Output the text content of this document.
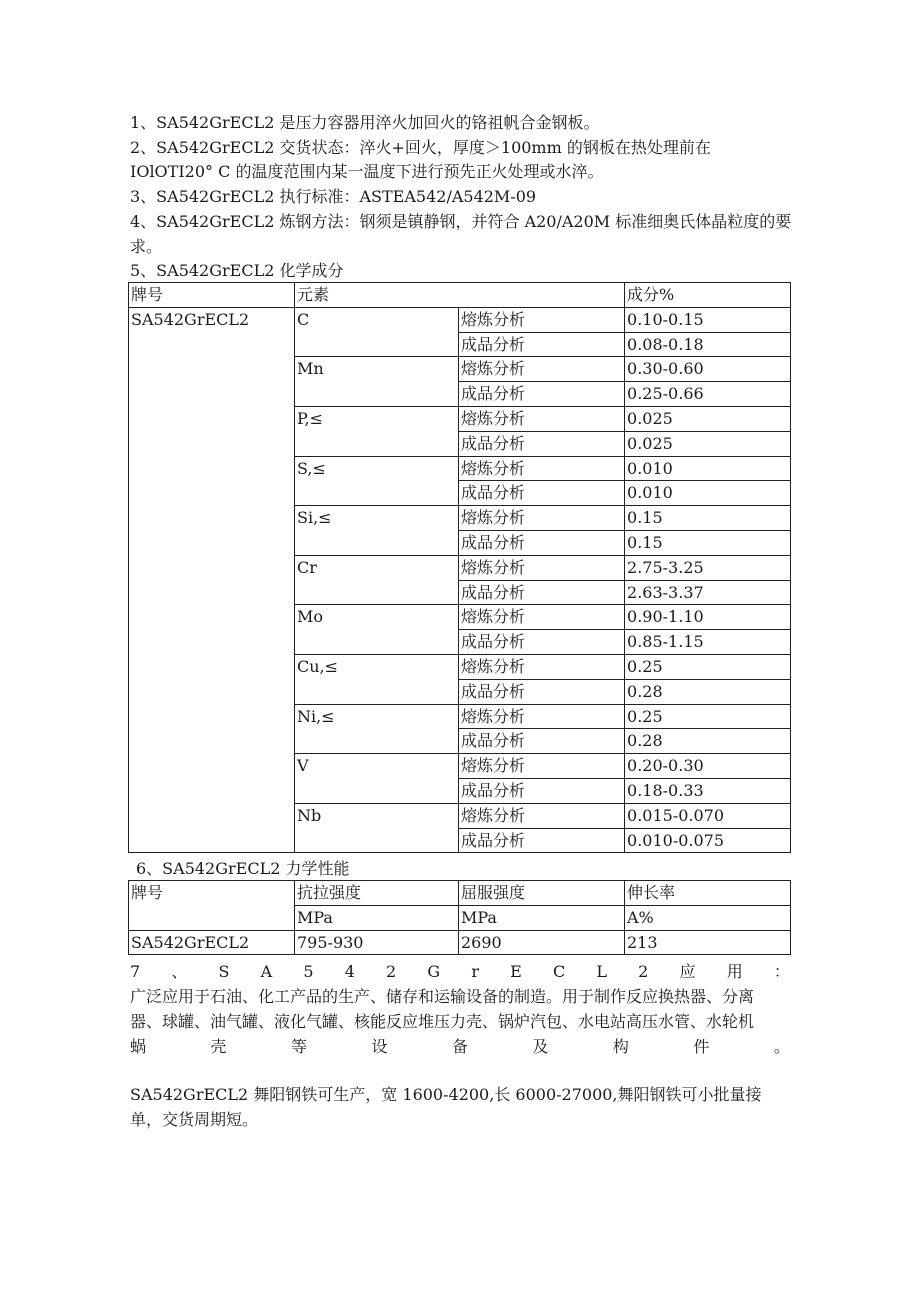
1、SA542GrECL2 是压力容器用淬火加回火的铬祖帆合金钢板。
2、SA542GrECL2 交货状态：淬火+回火，厚度＞100mm 的钢板在热处理前在
IOlOTI20° C 的温度范围内某一温度下进行预先正火处理或水淬。
3、SA542GrECL2 执行标准：ASTEA542/A542M-09
4、SA542GrECL2 炼钢方法：钢须是镇静钢，并符合 A20/A20M 标准细奥氏体晶粒度的要
求。
5、SA542GrECL2 化学成分
牌号	元素		成分%
SA542GrECL2	C	熔炼分析	0.10-0.15
		成品分析	0.08-0.18
	Mn	熔炼分析	0.30-0.60
		成品分析	0.25-0.66
	P,≤	熔炼分析	0.025
		成品分析	0.025
	S,≤	熔炼分析	0.010
		成品分析	0.010
	Si,≤	熔炼分析	0.15
		成品分析	0.15
	Cr	熔炼分析	2.75-3.25
		成品分析	2.63-3.37
	Mo	熔炼分析	0.90-1.10
		成品分析	0.85-1.15
	Cu,≤	熔炼分析	0.25
		成品分析	0.28
	Ni,≤	熔炼分析	0.25
		成品分析	0.28
	V	熔炼分析	0.20-0.30
		成品分析	0.18-0.33
	Nb	熔炼分析	0.015-0.070
		成品分析	0.010-0.075
6、SA542GrECL2 力学性能
牌号	抗拉强度	屈服强度	伸长率
	MPa	MPa	A%
SA542GrECL2	795-930	2690	213
7 、 S A 5 4 2 G r E C L 2 应 用 ：
广泛应用于石油、化工产品的生产、储存和运输设备的制造。用于制作反应换热器、分离
器、球罐、油气罐、液化气罐、核能反应堆压力壳、锅炉汽包、水电站高压水管、水轮机
蜗	壳	等	设	备	及	构	件	。
SA542GrECL2 舞阳钢铁可生产，宽 1600-4200,长 6000-27000,舞阳钢铁可小批量接
单，交货周期短。
